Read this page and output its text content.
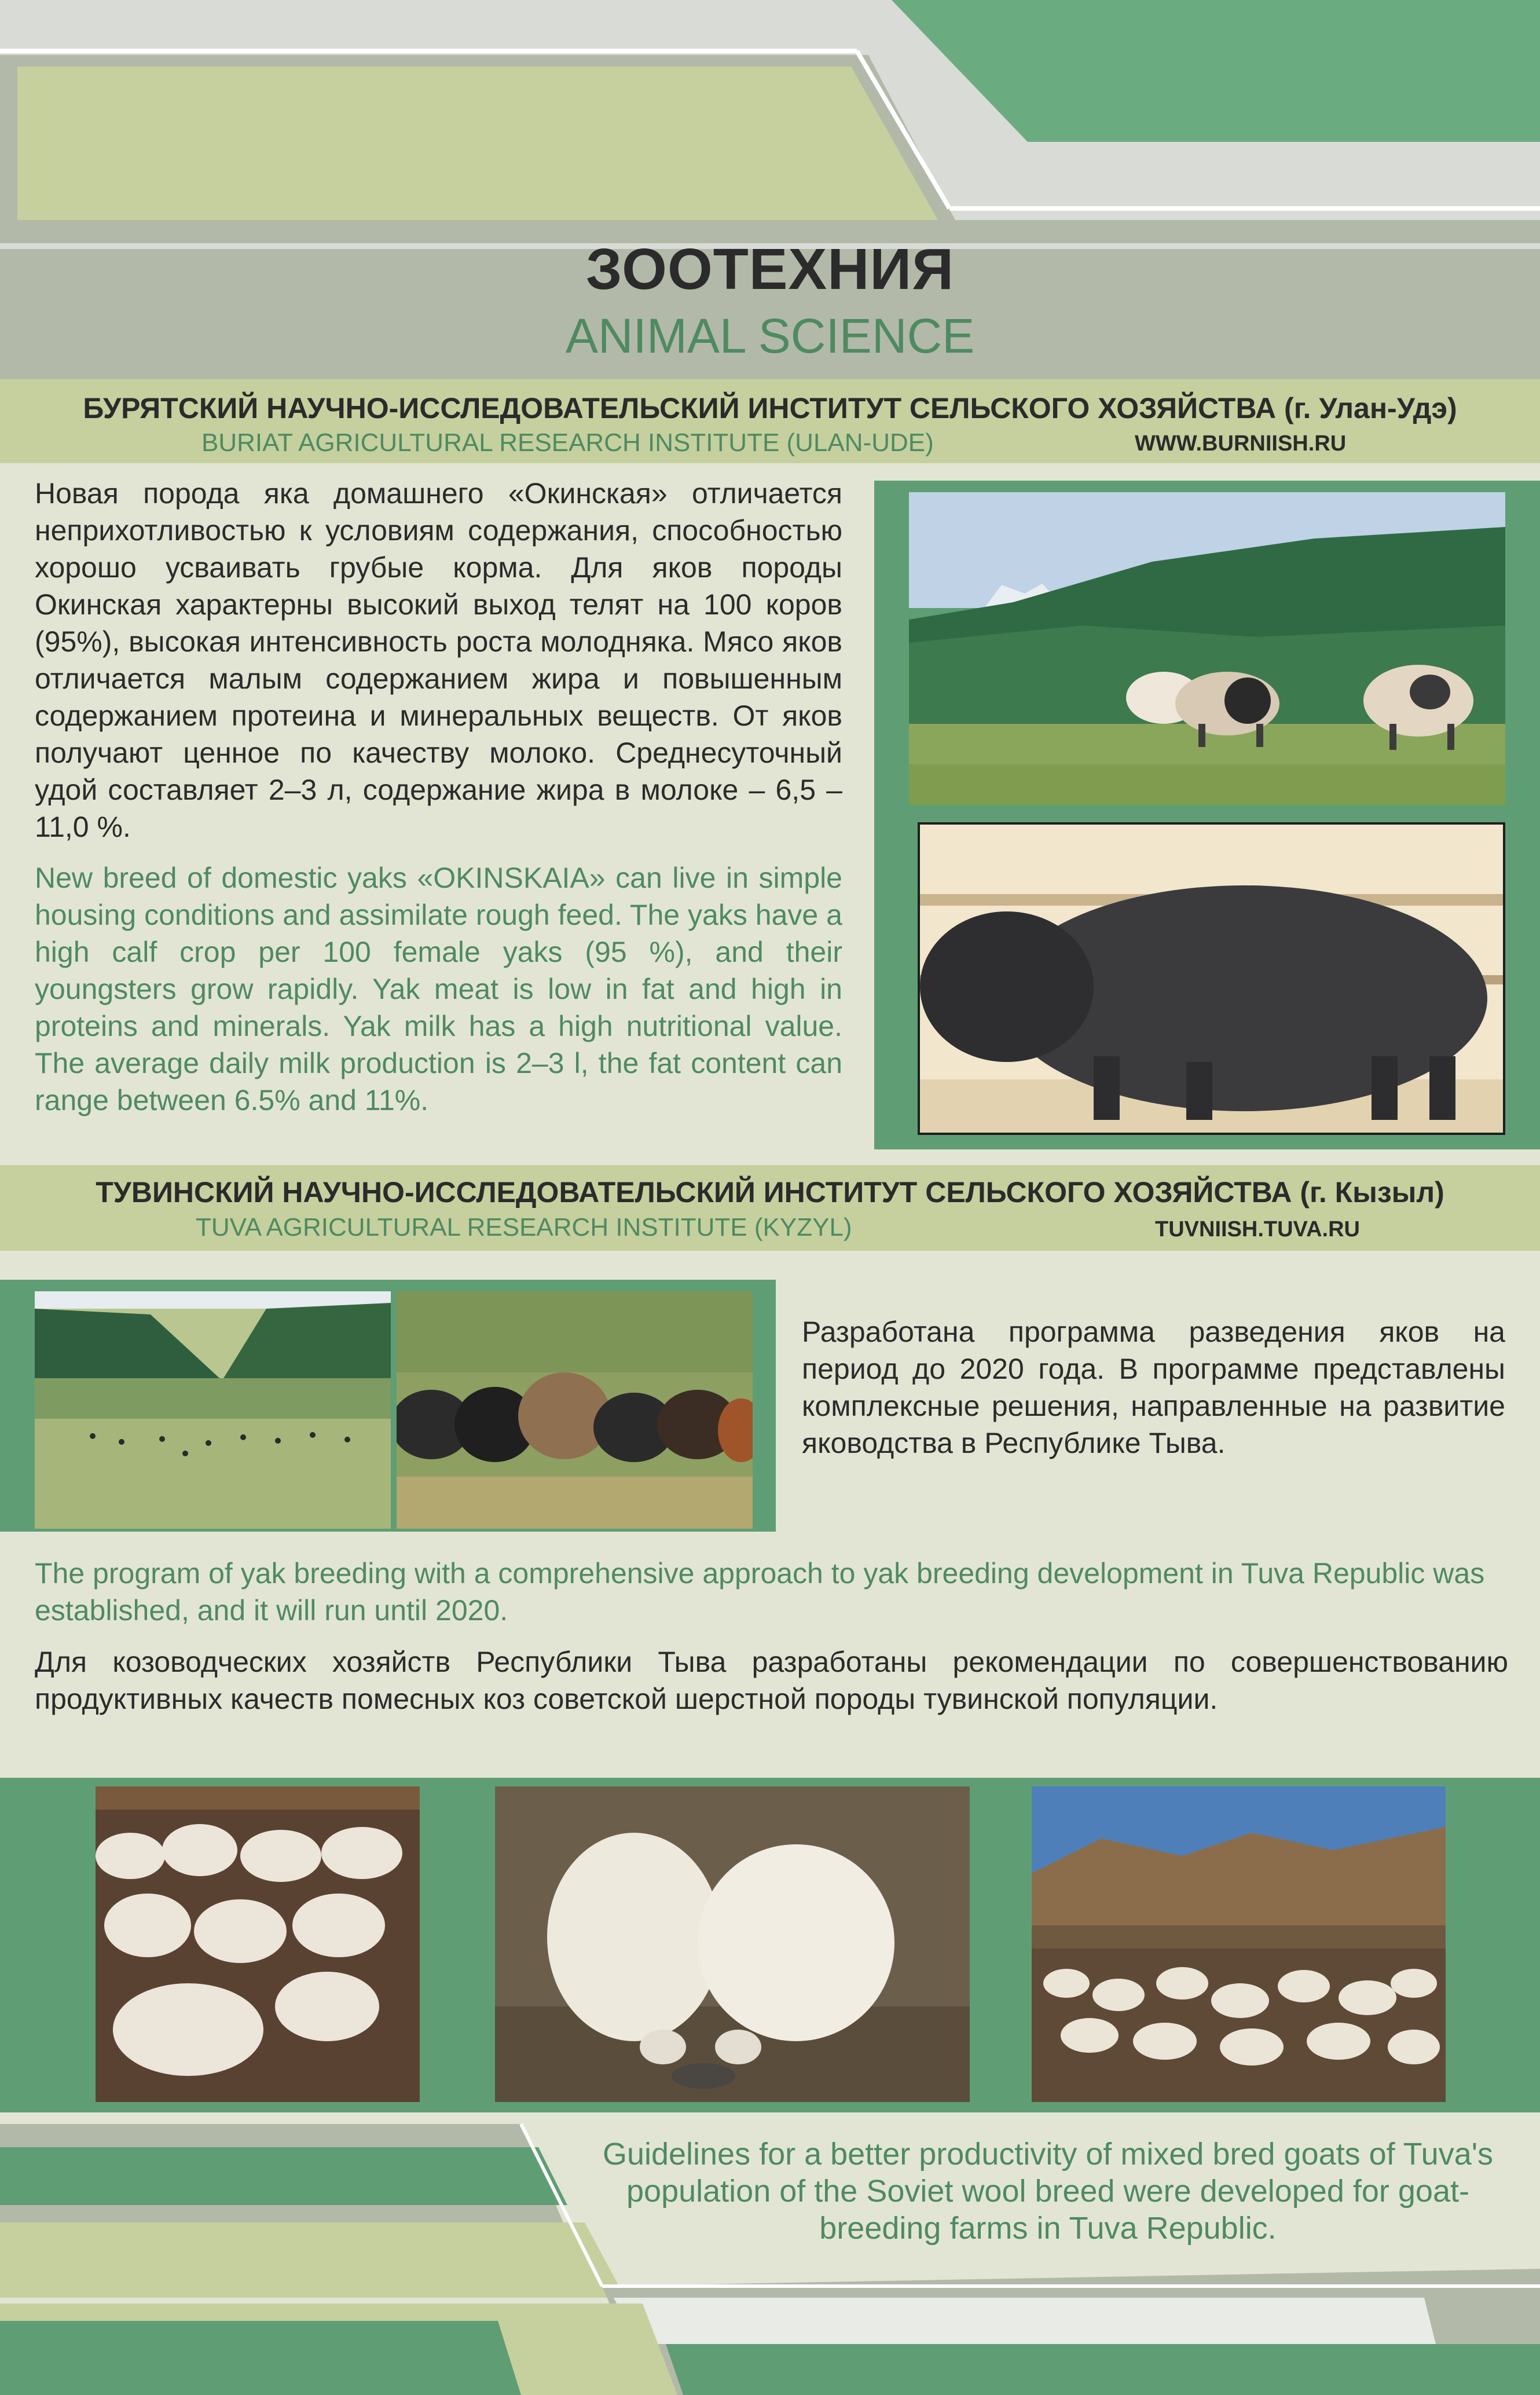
ЗООТЕХНИЯ
ANIMAL SCIENCE
БУРЯТСКИЙ НАУЧНО-ИССЛЕДОВАТЕЛЬСКИЙ ИНСТИТУТ СЕЛЬСКОГО ХОЗЯЙСТВА (г. Улан-Удэ)
BURIAT AGRICULTURAL RESEARCH INSTITUTE (ULAN-UDE)	WWW.BURNIISH.RU
Новая порода яка домашнего «Окинская» отличается неприхотливостью к условиям содержания, способностью хорошо усваивать грубые корма. Для яков породы Окинская характерны высокий выход телят на 100 коров (95%), высокая интенсивность роста молодняка. Мясо яков отличается малым содержанием жира и повышенным содержанием протеина и минеральных веществ. От яков получают ценное по качеству молоко. Среднесуточный удой составляет 2–3 л, содержание жира в молоке – 6,5 – 11,0 %.
New breed of domestic yaks «OKINSKAIA» can live in simple housing conditions and assimilate rough feed. The yaks have a high calf crop per 100 female yaks (95 %), and their youngsters grow rapidly. Yak meat is low in fat and high in proteins and minerals. Yak milk has a high nutritional value. The average daily milk production is 2–3 l, the fat content can range between 6.5% and 11%.
ТУВИНСКИЙ НАУЧНО-ИССЛЕДОВАТЕЛЬСКИЙ ИНСТИТУТ СЕЛЬСКОГО ХОЗЯЙСТВА (г. Кызыл)
TUVA AGRICULTURAL RESEARCH INSTITUTE (KYZYL)	TUVNIISH.TUVA.RU
Разработана программа разведения яков на период до 2020 года. В программе представлены комплексные решения, направленные на развитие яководства в Республике Тыва.
The program of yak breeding with a comprehensive approach to yak breeding development in Tuva Republic was established, and it will run until 2020.
Для козоводческих хозяйств Республики Тыва разработаны рекомендации по совершенствованию продуктивных качеств помесных коз советской шерстной породы тувинской популяции.
Guidelines for a better productivity of mixed bred goats of Tuva's population of the Soviet wool breed were developed for goat-breeding farms in Tuva Republic.
